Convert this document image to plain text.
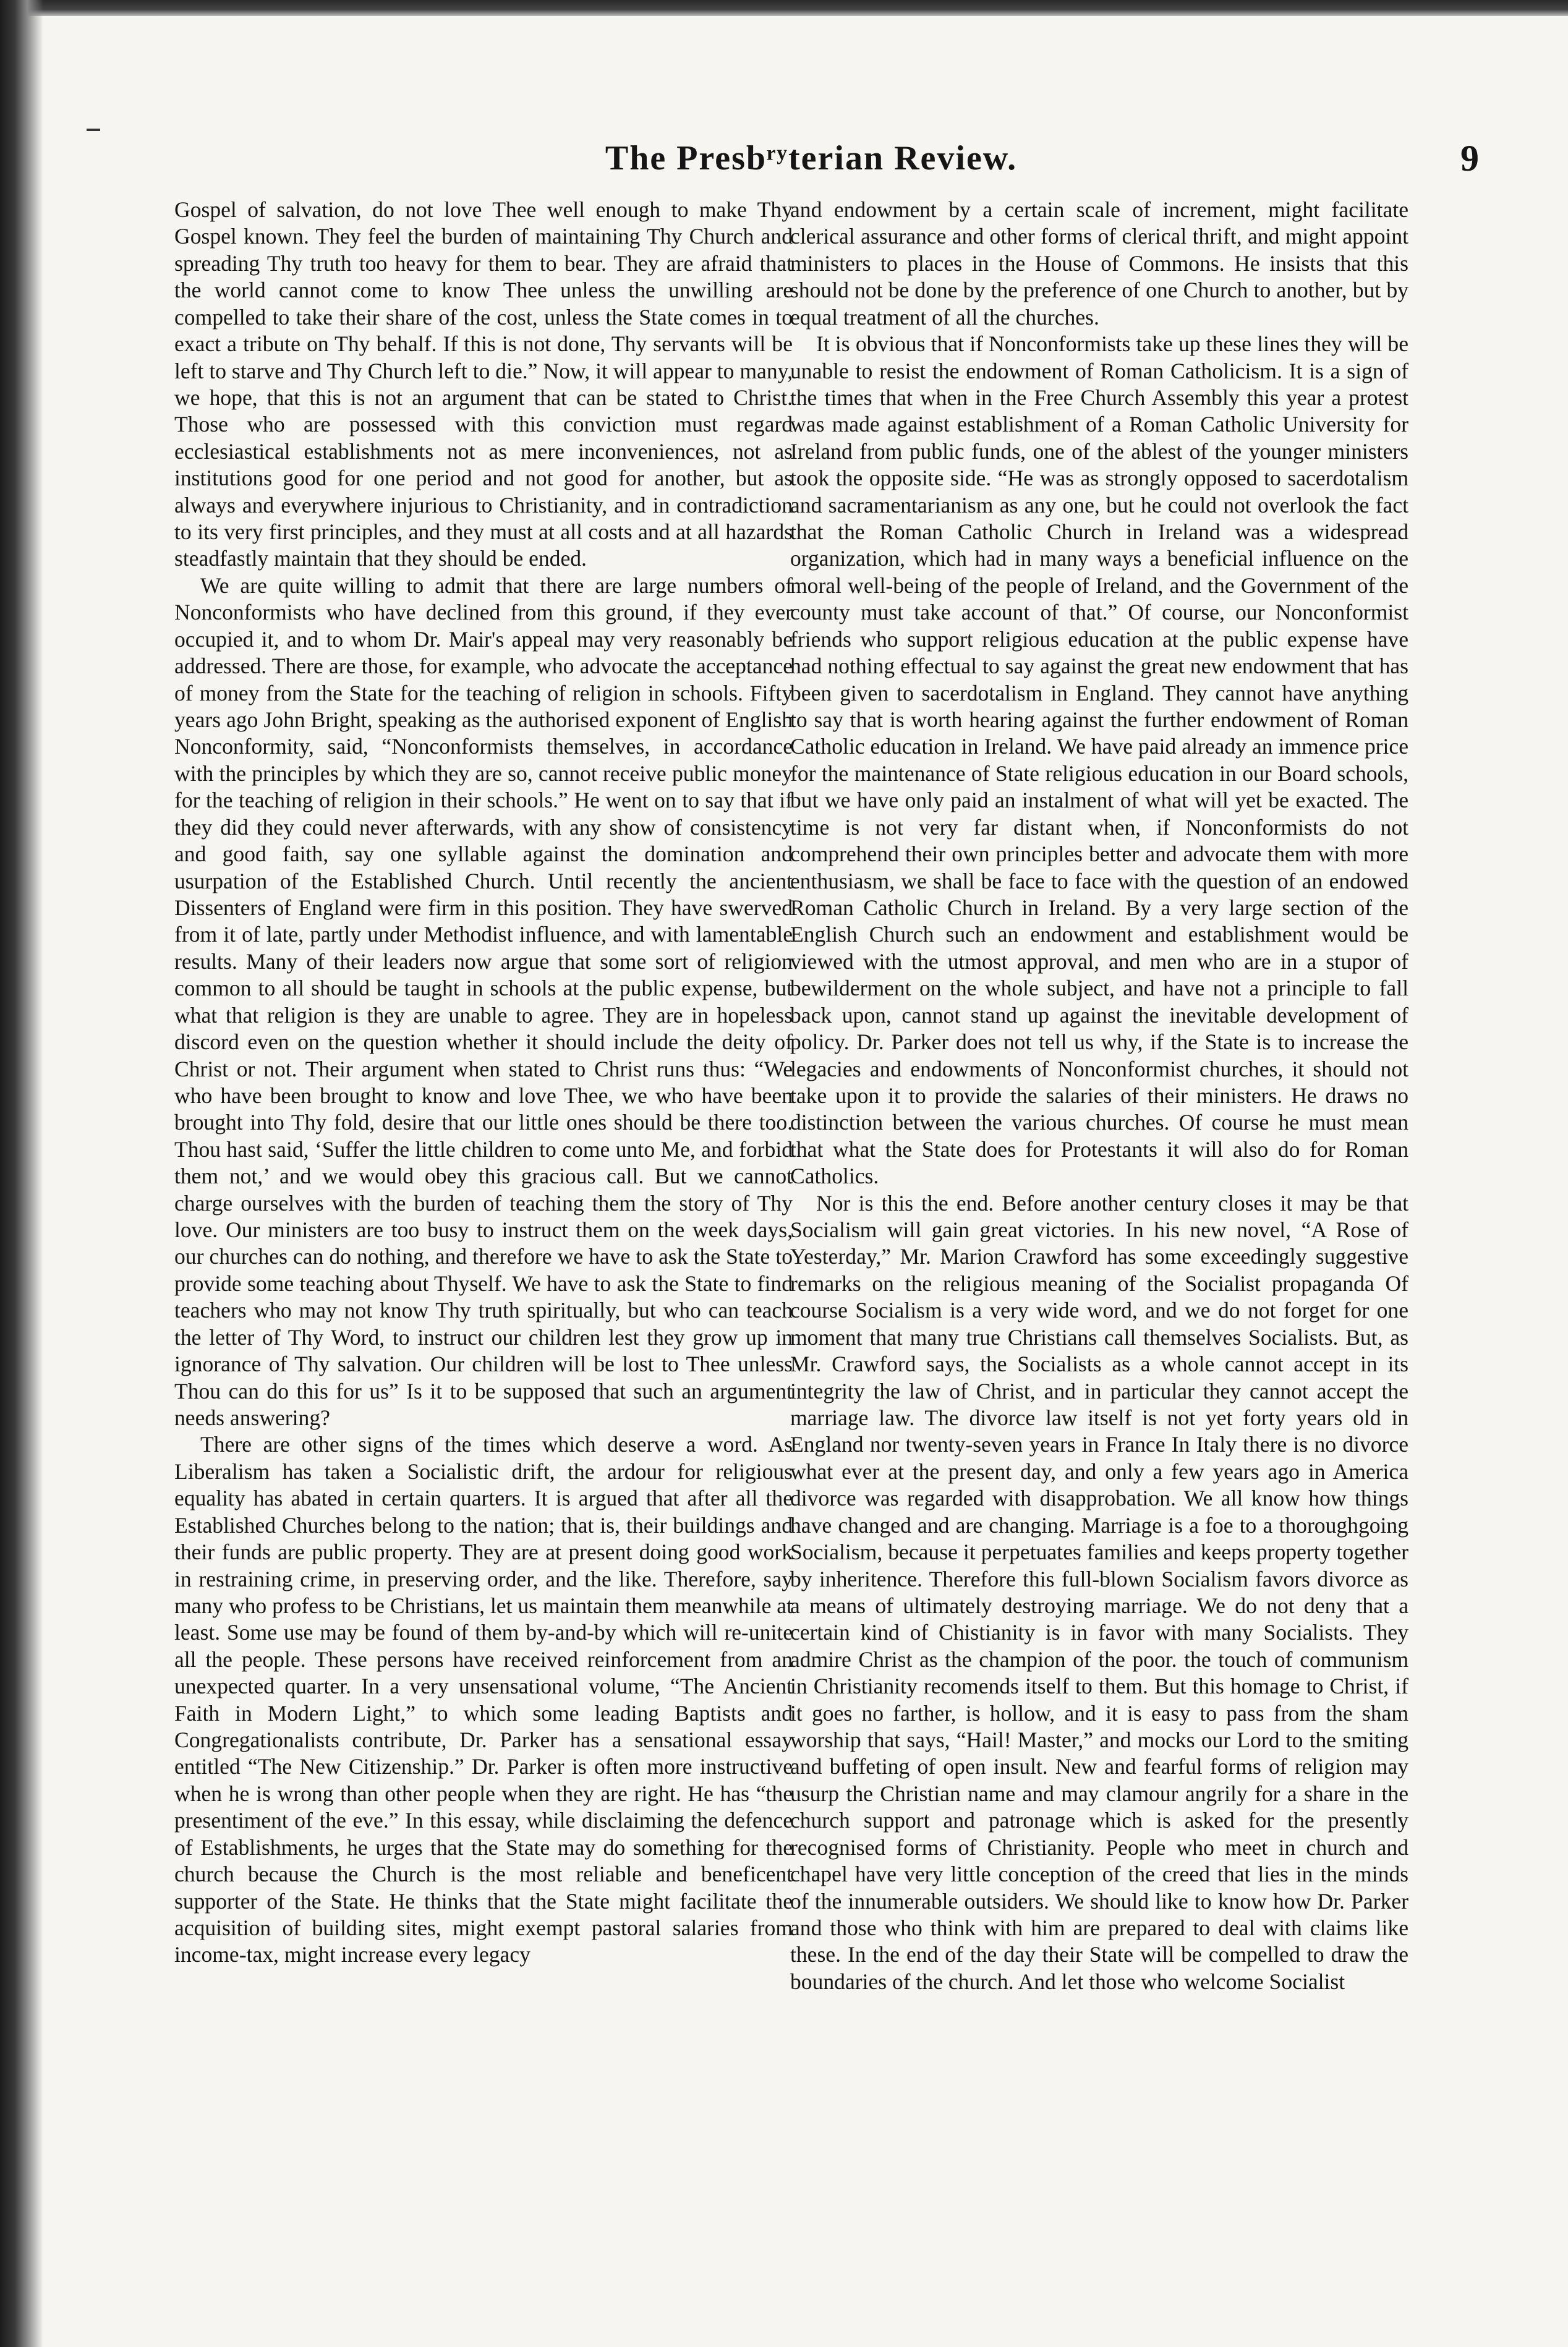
The Presbʳʸterian Review.	9

Gospel of salvation, do not love Thee well enough to make Thy Gospel known. They feel the burden of maintaining Thy Church and spreading Thy truth too heavy for them to bear. They are afraid that the world cannot come to know Thee unless the unwilling are compelled to take their share of the cost, unless the State comes in to exact a tribute on Thy behalf. If this is not done, Thy servants will be left to starve and Thy Church left to die.” Now, it will appear to many, we hope, that this is not an argument that can be stated to Christ. Those who are possessed with this conviction must regard ecclesiastical establishments not as mere inconveniences, not as institutions good for one period and not good for another, but as always and everywhere injurious to Christianity, and in contradiction to its very first principles, and they must at all costs and at all hazards steadfastly maintain that they should be ended.

We are quite willing to admit that there are large numbers of Nonconformists who have declined from this ground, if they ever occupied it, and to whom Dr. Mair's appeal may very reasonably be addressed. There are those, for example, who advocate the acceptance of money from the State for the teaching of religion in schools. Fifty years ago John Bright, speaking as the authorised exponent of English Nonconformity, said, “Nonconformists themselves, in accordance with the principles by which they are so, cannot receive public money for the teaching of religion in their schools.” He went on to say that if they did they could never afterwards, with any show of consistency and good faith, say one syllable against the domination and usurpation of the Established Church. Until recently the ancient Dissenters of England were firm in this position. They have swerved from it of late, partly under Methodist influence, and with lamentable results. Many of their leaders now argue that some sort of religion common to all should be taught in schools at the public expense, but what that religion is they are unable to agree. They are in hopeless discord even on the question whether it should include the deity of Christ or not. Their argument when stated to Christ runs thus: “We who have been brought to know and love Thee, we who have been brought into Thy fold, desire that our little ones should be there too. Thou hast said, ‘Suffer the little children to come unto Me, and forbid them not,’ and we would obey this gracious call. But we cannot charge ourselves with the burden of teaching them the story of Thy love. Our ministers are too busy to instruct them on the week days, our churches can do nothing, and therefore we have to ask the State to provide some teaching about Thyself. We have to ask the State to find teachers who may not know Thy truth spiritually, but who can teach the letter of Thy Word, to instruct our children lest they grow up in ignorance of Thy salvation. Our children will be lost to Thee unless Thou can do this for us” Is it to be supposed that such an argument needs answering?

There are other signs of the times which deserve a word. As Liberalism has taken a Socialistic drift, the ardour for religious equality has abated in certain quarters. It is argued that after all the Established Churches belong to the nation; that is, their buildings and their funds are public property. They are at present doing good work in restraining crime, in preserving order, and the like. Therefore, say many who profess to be Christians, let us maintain them meanwhile at least. Some use may be found of them by-and-by which will re-unite all the people. These persons have received reinforcement from an unexpected quarter. In a very unsensational volume, “The Ancient Faith in Modern Light,” to which some leading Baptists and Congregationalists contribute, Dr. Parker has a sensational essay entitled “The New Citizenship.” Dr. Parker is often more instructive when he is wrong than other people when they are right. He has “the presentiment of the eve.” In this essay, while disclaiming the defence of Establishments, he urges that the State may do something for the church because the Church is the most reliable and beneficent supporter of the State. He thinks that the State might facilitate the acquisition of building sites, might exempt pastoral salaries from income-tax, might increase every legacy

and endowment by a certain scale of increment, might facilitate clerical assurance and other forms of clerical thrift, and might appoint ministers to places in the House of Commons. He insists that this should not be done by the preference of one Church to another, but by equal treatment of all the churches.

It is obvious that if Nonconformists take up these lines they will be unable to resist the endowment of Roman Catholicism. It is a sign of the times that when in the Free Church Assembly this year a protest was made against establishment of a Roman Catholic University for Ireland from public funds, one of the ablest of the younger ministers took the opposite side. “He was as strongly opposed to sacerdotalism and sacramentarianism as any one, but he could not overlook the fact that the Roman Catholic Church in Ireland was a widespread organization, which had in many ways a beneficial influence on the moral well-being of the people of Ireland, and the Government of the county must take account of that.” Of course, our Nonconformist friends who support religious education at the public expense have had nothing effectual to say against the great new endowment that has been given to sacerdotalism in England. They cannot have anything to say that is worth hearing against the further endowment of Roman Catholic education in Ireland. We have paid already an immence price for the maintenance of State religious education in our Board schools, but we have only paid an instalment of what will yet be exacted. The time is not very far distant when, if Nonconformists do not comprehend their own principles better and advocate them with more enthusiasm, we shall be face to face with the question of an endowed Roman Catholic Church in Ireland. By a very large section of the English Church such an endowment and establishment would be viewed with the utmost approval, and men who are in a stupor of bewilderment on the whole subject, and have not a principle to fall back upon, cannot stand up against the inevitable development of policy. Dr. Parker does not tell us why, if the State is to increase the legacies and endowments of Nonconformist churches, it should not take upon it to provide the salaries of their ministers. He draws no distinction between the various churches. Of course he must mean that what the State does for Protestants it will also do for Roman Catholics.

Nor is this the end. Before another century closes it may be that Socialism will gain great victories. In his new novel, “A Rose of Yesterday,” Mr. Marion Crawford has some exceedingly suggestive remarks on the religious meaning of the Socialist propaganda Of course Socialism is a very wide word, and we do not forget for one moment that many true Christians call themselves Socialists. But, as Mr. Crawford says, the Socialists as a whole cannot accept in its integrity the law of Christ, and in particular they cannot accept the marriage law. The divorce law itself is not yet forty years old in England nor twenty-seven years in France In Italy there is no divorce what ever at the present day, and only a few years ago in America divorce was regarded with disapprobation. We all know how things have changed and are changing. Marriage is a foe to a thoroughgoing Socialism, because it perpetuates families and keeps property together by inheritence. Therefore this full-blown Socialism favors divorce as a means of ultimately destroying marriage. We do not deny that a certain kind of Chistianity is in favor with many Socialists. They admire Christ as the champion of the poor. the touch of communism in Christianity recomends itself to them. But this homage to Christ, if it goes no farther, is hollow, and it is easy to pass from the sham worship that says, “Hail! Master,” and mocks our Lord to the smiting and buffeting of open insult. New and fearful forms of religion may usurp the Christian name and may clamour angrily for a share in the church support and patronage which is asked for the presently recognised forms of Christianity. People who meet in church and chapel have very little conception of the creed that lies in the minds of the innumerable outsiders. We should like to know how Dr. Parker and those who think with him are prepared to deal with claims like these. In the end of the day their State will be compelled to draw the boundaries of the church. And let those who welcome Socialist
